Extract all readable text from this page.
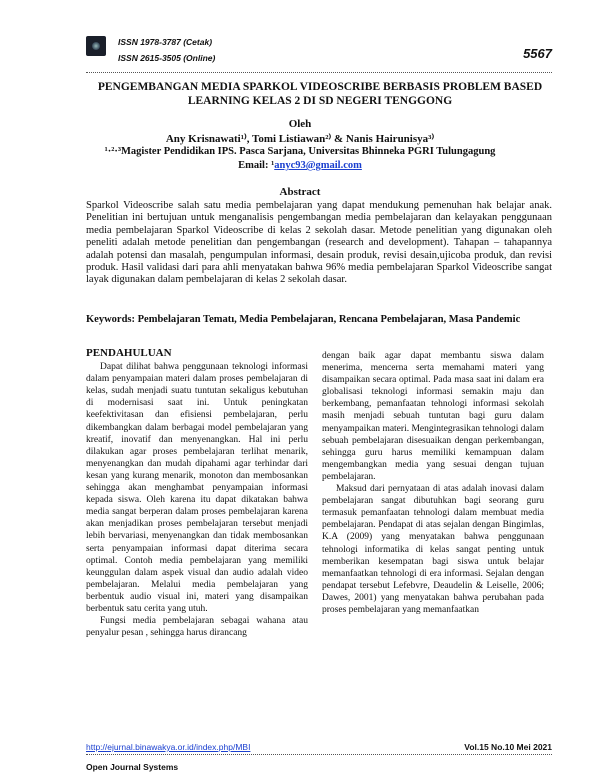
ISSN 1978-3787 (Cetak)
ISSN 2615-3505 (Online)	5567
PENGEMBANGAN MEDIA SPARKOL VIDEOSCRIBE BERBASIS PROBLEM BASED LEARNING KELAS 2 DI SD NEGERI TENGGONG
Oleh
Any Krisnawati¹⁾, Tomi Listiawan²⁾ & Nanis Hairunisya³⁾
¹·²·³Magister Pendidikan IPS. Pasca Sarjana, Universitas Bhinneka PGRI Tulungagung
Email: ¹anyc93@gmail.com
Abstract

Sparkol Videoscribe salah satu media pembelajaran yang dapat mendukung pemenuhan hak belajar anak. Penelitian ini bertujuan untuk menganalisis pengembangan media pembelajaran dan kelayakan penggunaan media pembelajaran Sparkol Videoscribe di kelas 2 sekolah dasar. Metode penelitian yang digunakan oleh peneliti adalah metode penelitian dan pengembangan (research and development). Tahapan – tahapannya adalah potensi dan masalah, pengumpulan informasi, desain produk, revisi desain,ujicoba produk, dan revisi produk. Hasil validasi dari para ahli menyatakan bahwa 96% media pembelajaran Sparkol Videoscribe sangat layak digunakan dalam pembelajaran di kelas 2 sekolah dasar.

Keywords: Pembelajaran Tematı, Media Pembelajaran, Rencana Pembelajaran, Masa Pandemic

PENDAHULUAN

Dapat dilihat bahwa penggunaan teknologi informasi dalam penyampaian materi dalam proses pembelajaran di kelas, sudah menjadi suatu tuntutan sekaligus kebutuhan di modernisasi saat ini. Untuk peningkatan keefektivitasan dan efisiensi pembelajaran, perlu dikembangkan dalam berbagai model pembelajaran yang kreatif, inovatif dan menyenangkan. Hal ini perlu dilakukan agar proses pembelajaran terlihat menarik, menyenangkan dan mudah dipahami agar terhindar dari kesan yang kurang menarik, monoton dan membosankan sehingga akan menghambat penyampaian informasi kepada siswa. Oleh karena itu dapat dikatakan bahwa media sangat berperan dalam proses pembelajaran karena akan menjadikan proses pembelajaran tersebut menjadi lebih bervariasi, menyenangkan dan tidak membosankan serta penyampaian informasi dapat diterima secara optimal. Contoh media pembelajaran yang memiliki keunggulan dalam aspek visual dan audio adalah video pembelajaran. Melalui media pembelajaran yang berbentuk audio visual ini, materi yang disampaikan berbentuk satu cerita yang utuh.

Fungsi media pembelajaran sebagai wahana atau penyalur pesan , sehingga harus dirancang

dengan baik agar dapat membantu siswa dalam menerima, mencerna serta memahami materi yang disampaikan secara optimal. Pada masa saat ini dalam era globalisasi teknologi informasi semakin maju dan berkembang, pemanfaatan tehnologi informasi sekolah masih menjadi sebuah tuntutan bagi guru dalam menyampaikan materi. Mengintegrasikan tehnologi dalam sebuah pembelajaran disesuaikan dengan perkembangan, sehingga guru harus memiliki kemampuan dalam mengembangkan media yang sesuai dengan tujuan pembelajaran.

Maksud dari pernyataan di atas adalah inovasi dalam pembelajaran sangat dibutuhkan bagi seorang guru termasuk pemanfaatan tehnologi dalam membuat media pembelajaran. Pendapat di atas sejalan dengan Bingimlas, K.A (2009) yang menyatakan bahwa penggunaan tehnologi informatika di kelas sangat penting untuk memberikan kesempatan bagi siswa untuk belajar memanfaatkan tehnologi di era informasi. Sejalan dengan pendapat tersebut Lefebvre, Deaudelin & Leiselle, 2006; Dawes, 2001) yang menyatakan bahwa perubahan pada proses pembelajaran yang memanfaatkan

Open Journal Systems
http://ejurnal.binawakya.or.id/index.php/MBI	Vol.15 No.10 Mei 2021
